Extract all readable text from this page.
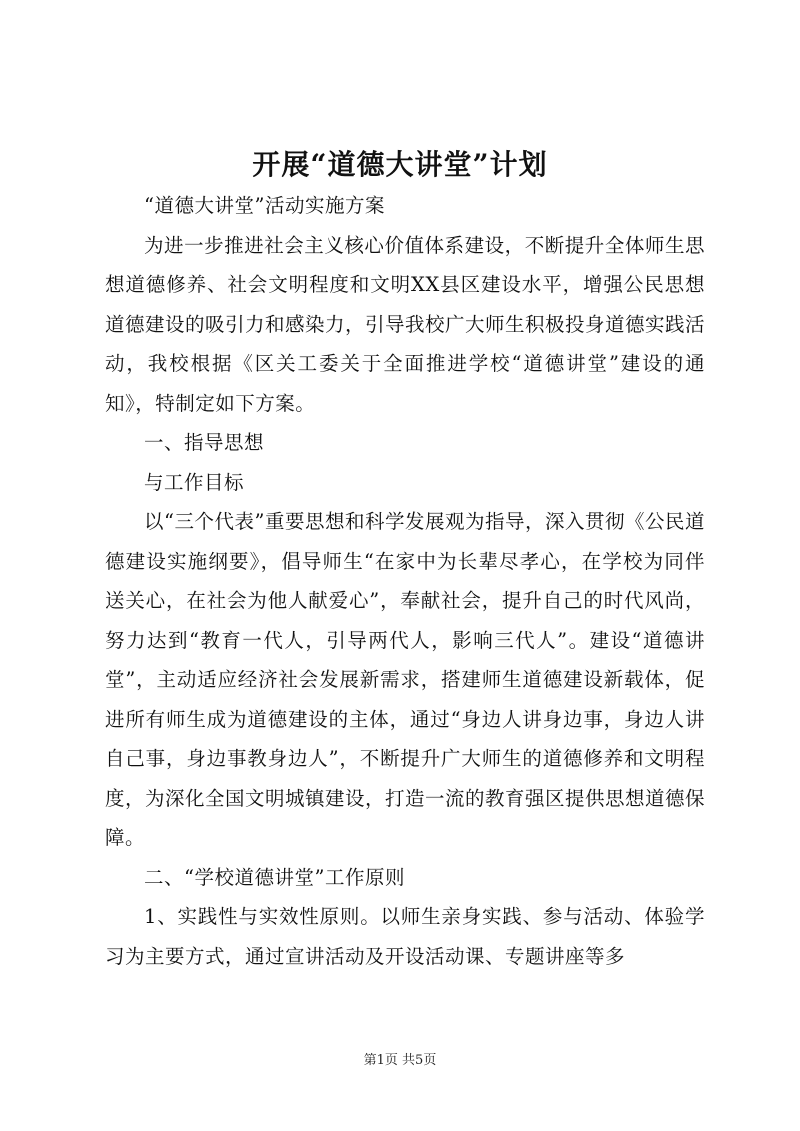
开展“道德大讲堂”计划

“道德大讲堂”活动实施方案

为进一步推进社会主义核心价值体系建设，不断提升全体师生思想道德修养、社会文明程度和文明XX县区建设水平，增强公民思想道德建设的吸引力和感染力，引导我校广大师生积极投身道德实践活动，我校根据《区关工委关于全面推进学校“道德讲堂”建设的通知》，特制定如下方案。

一、指导思想

与工作目标

以“三个代表”重要思想和科学发展观为指导，深入贯彻《公民道德建设实施纲要》，倡导师生“在家中为长辈尽孝心，在学校为同伴送关心，在社会为他人献爱心”，奉献社会，提升自己的时代风尚，努力达到“教育一代人，引导两代人，影响三代人”。建设“道德讲堂”，主动适应经济社会发展新需求，搭建师生道德建设新载体，促进所有师生成为道德建设的主体，通过“身边人讲身边事，身边人讲自己事，身边事教身边人”，不断提升广大师生的道德修养和文明程度，为深化全国文明城镇建设，打造一流的教育强区提供思想道德保障。

二、“学校道德讲堂”工作原则

1、实践性与实效性原则。以师生亲身实践、参与活动、体验学习为主要方式，通过宣讲活动及开设活动课、专题讲座等多

第1页 共5页
